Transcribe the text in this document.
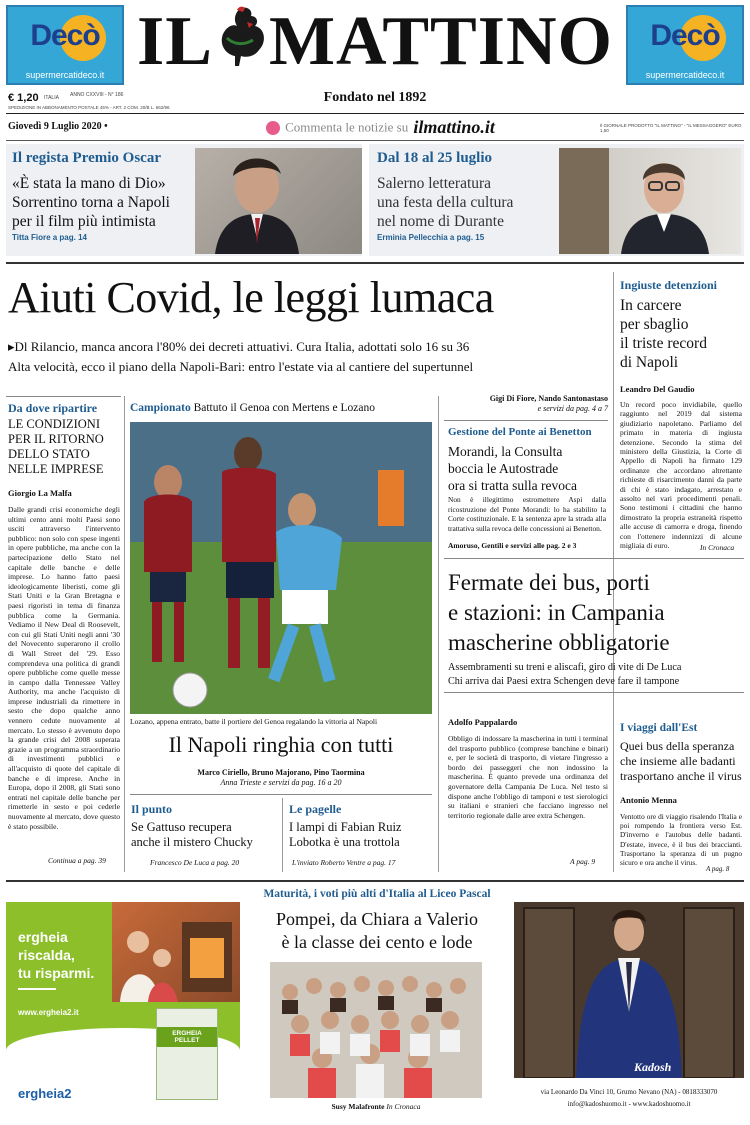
Decò
supermercatideco.it
Decò
supermercatideco.it
IL MATTINO
€ 1,20 ITALIA ANNO CXXVIII - N° 186
SPEDIZIONE IN ABBONAMENTO POSTALE 45% - ART. 2 COM. 20/B L. 662/96
Fondato nel 1892
Giovedì 9 Luglio 2020 •	Commenta le notizie su ilmattino.it	Il GIORNALE PRODOTTO "IL MATTINO" - "IL MESSAGGERO" EURO 1,50
Il regista Premio Oscar
«È stata la mano di Dio»
Sorrentino torna a Napoli
per il film più intimista
Titta Fiore a pag. 14
Dal 18 al 25 luglio
Salerno letteratura
una festa della cultura
nel nome di Durante
Erminia Pellecchia a pag. 15
Aiuti Covid, le leggi lumaca
▸Dl Rilancio, manca ancora l'80% dei decreti attuativi. Cura Italia, adottati solo 16 su 36
Alta velocità, ecco il piano della Napoli-Bari: entro l'estate via al cantiere del supertunnel
Ingiuste detenzioni
In carcere
per sbaglio
il triste record
di Napoli
Leandro Del Gaudio
Un record poco invidiabile, quello raggiunto nel 2019 dal sistema giudiziario napoletano. Parliamo del primato in materia di ingiusta detenzione. Secondo la stima del ministero della Giustizia, la Corte di Appello di Napoli ha firmato 129 ordinanze che accordano altrettante richieste di risarcimento danni da parte di chi è stato indagato, arrestato e assolto nel vari procedimenti penali. Sono testimoni i cittadini che hanno dimostrato la propria estraneità rispetto alle accuse di camorra e droga, finendo con l'ottenere indennizzi di alcune migliaia di euro.	In Cronaca
Da dove ripartire
LE CONDIZIONI
PER IL RITORNO
DELLO STATO
NELLE IMPRESE
Giorgio La Malfa
Dalle grandi crisi economiche degli ultimi cento anni molti Paesi sono usciti attraverso l'intervento pubblico: non solo con spese ingenti in opere pubbliche, ma anche con la partecipazione dello Stato nel capitale delle banche e delle imprese. Lo hanno fatto paesi ideologicamente liberisti, come gli Stati Uniti e la Gran Bretagna e paesi rigoristi in tema di finanza pubblica come la Germania. Vediamo il New Deal di Roosevelt, con cui gli Stati Uniti negli anni '30 del Novecento superarono il crollo di Wall Street del '29. Esso comprendeva una politica di grandi opere pubbliche come quelle messe in campo dalla Tennessee Valley Authority, ma anche l'acquisto di imprese industriali da rimettere in sesto che dopo qualche anno vennero cedute nuovamente al mercato. Lo stesso è avvenuto dopo la grande crisi del 2008 superata grazie a un programma straordinario di investimenti pubblici e all'acquisto di quote del capitale di banche e di imprese. Anche in Europa, dopo il 2008, gli Stati sono entrati nel capitale delle banche per rimetterle in sesto e poi cederle nuovamente al mercato, dove questo è stato possibile.
Continua a pag. 39
Campionato Battuto il Genoa con Mertens e Lozano
Lozano, appena entrato, batte il portiere del Genoa regalando la vittoria al Napoli
Il Napoli ringhia con tutti
Marco Ciriello, Bruno Majorano, Pino Taormina
Anna Trieste e servizi da pag. 16 a 20
Il punto
Se Gattuso recupera
anche il mistero Chucky
Francesco De Luca a pag. 20
Le pagelle
I lampi di Fabian Ruiz
Lobotka è una trottola
L'inviato Roberto Ventre a pag. 17
Gigi Di Fiore, Nando Santonastaso
e servizi da pag. 4 a 7
Gestione del Ponte ai Benetton
Morandi, la Consulta
boccia le Autostrade
ora si tratta sulla revoca
Non è illegittimo estromettere Aspi dalla ricostruzione del Ponte Morandi: lo ha stabilito la Corte costituzionale. E la sentenza apre la strada alla trattativa sulla revoca delle concessioni ai Benetton.
Amoruso, Gentili e servizi alle pag. 2 e 3
Fermate dei bus, porti
e stazioni: in Campania
mascherine obbligatorie
Assembramenti su treni e aliscafi, giro di vite di De Luca
Chi arriva dai Paesi extra Schengen deve fare il tampone
Adolfo Pappalardo
Obbligo di indossare la mascherina in tutti i terminal del trasporto pubblico (comprese banchine e binari) e, per le società di trasporto, di vietare l'ingresso a bordo dei passeggeri che non indossino la mascherina. È quanto prevede una ordinanza del governatore della Campania De Luca. Nel testo si dispone anche l'obbligo di tamponi e test sierologici su italiani e stranieri che facciano ingresso nel territorio regionale dalle aree extra Schengen.
A pag. 9
I viaggi dall'Est
Quei bus della speranza
che insieme alle badanti
trasportano anche il virus
Antonio Menna
Ventotto ore di viaggio risalendo l'Italia e poi rompendo la frontiera verso Est. D'inverno e l'autobus delle badanti. D'estate, invece, è il bus dei braccianti. Trasportano la speranza di un pugno sicuro e ora anche il virus.
A pag. 8
Maturità, i voti più alti d'Italia al Liceo Pascal
Pompei, da Chiara a Valerio
è la classe dei cento e lode
Susy Malafronte In Cronaca
ergheia
riscalda,
tu risparmi.
www.ergheia2.it
ERGHEIA PELLET
ergheia2
Kadosh
via Leonardo Da Vinci 10, Grumo Nevano (NA) - 0818333070
info@kadoshuomo.it - www.kadoshuomo.it
